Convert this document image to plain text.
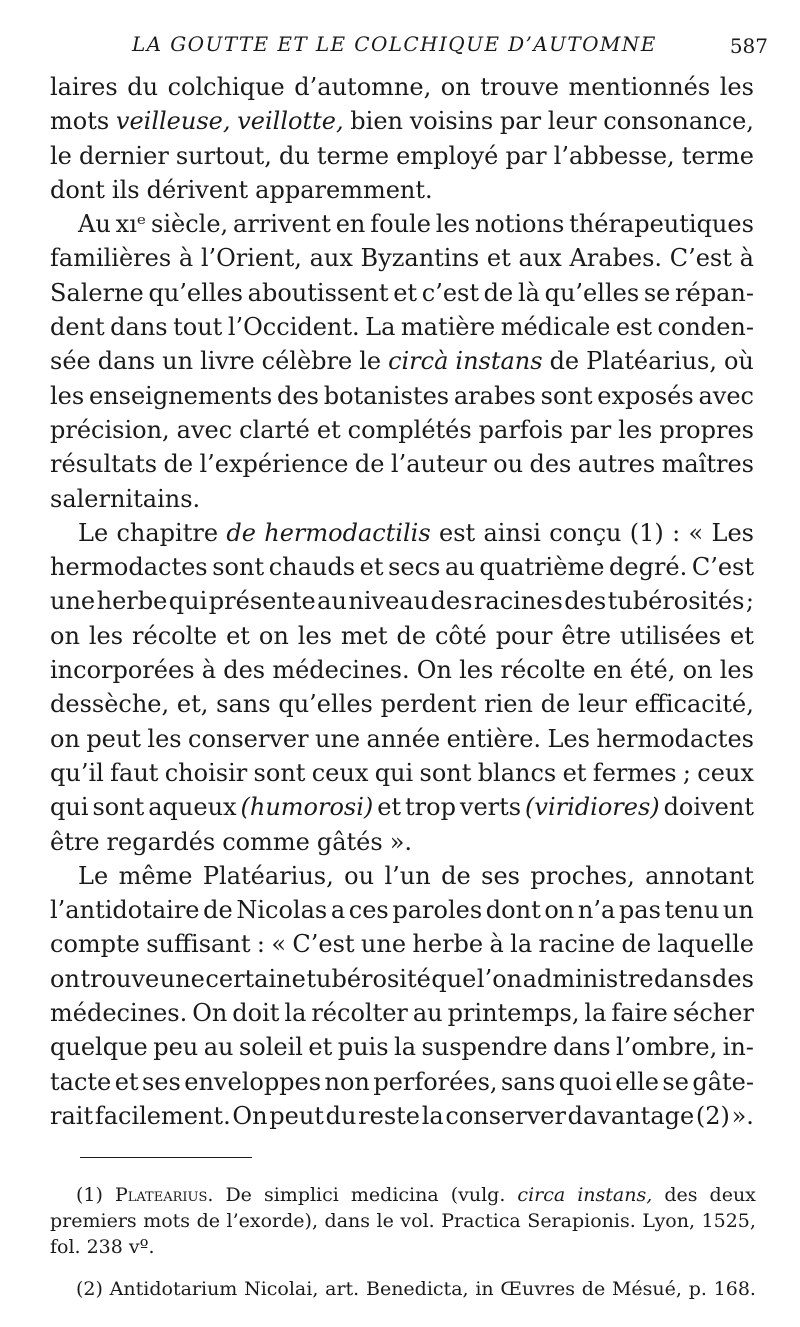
LA GOUTTE ET LE COLCHIQUE D’AUTOMNE	587
laires du colchique d’automne, on trouve mentionnés les
mots veilleuse, veillotte, bien voisins par leur consonance,
le dernier surtout, du terme employé par l’abbesse, terme
dont ils dérivent apparemment.
Au xıᵉ siècle, arrivent en foule les notions thérapeutiques
familières à l’Orient, aux Byzantins et aux Arabes. C’est à
Salerne qu’elles aboutissent et c’est de là qu’elles se répan-
dent dans tout l’Occident. La matière médicale est conden-
sée dans un livre célèbre le circà instans de Platéarius, où
les enseignements des botanistes arabes sont exposés avec
précision, avec clarté et complétés parfois par les propres
résultats de l’expérience de l’auteur ou des autres maîtres
salernitains.
Le chapitre de hermodactilis est ainsi conçu (1) : « Les
hermodactes sont chauds et secs au quatrième degré. C’est
une herbe qui présente au niveau des racines des tubérosités ;
on les récolte et on les met de côté pour être utilisées et
incorporées à des médecines. On les récolte en été, on les
dessèche, et, sans qu’elles perdent rien de leur efficacité,
on peut les conserver une année entière. Les hermodactes
qu’il faut choisir sont ceux qui sont blancs et fermes ; ceux
qui sont aqueux (humorosi) et trop verts (viridiores) doivent
être regardés comme gâtés ».
Le même Platéarius, ou l’un de ses proches, annotant
l’antidotaire de Nicolas a ces paroles dont on n’a pas tenu un
compte suffisant : « C’est une herbe à la racine de laquelle
on trouve une certaine tubérosité que l’on administre dans des
médecines. On doit la récolter au printemps, la faire sécher
quelque peu au soleil et puis la suspendre dans l’ombre, in-
tacte et ses enveloppes non perforées, sans quoi elle se gâte-
rait facilement. On peut du reste la conserver davantage (2) ».
(1) Platearius. De simplici medicina (vulg. circa instans, des deux
premiers mots de l’exorde), dans le vol. Practica Serapionis. Lyon, 1525,
fol. 238 vº.
(2) Antidotarium Nicolai, art. Benedicta, in Œuvres de Mésué, p. 168.
